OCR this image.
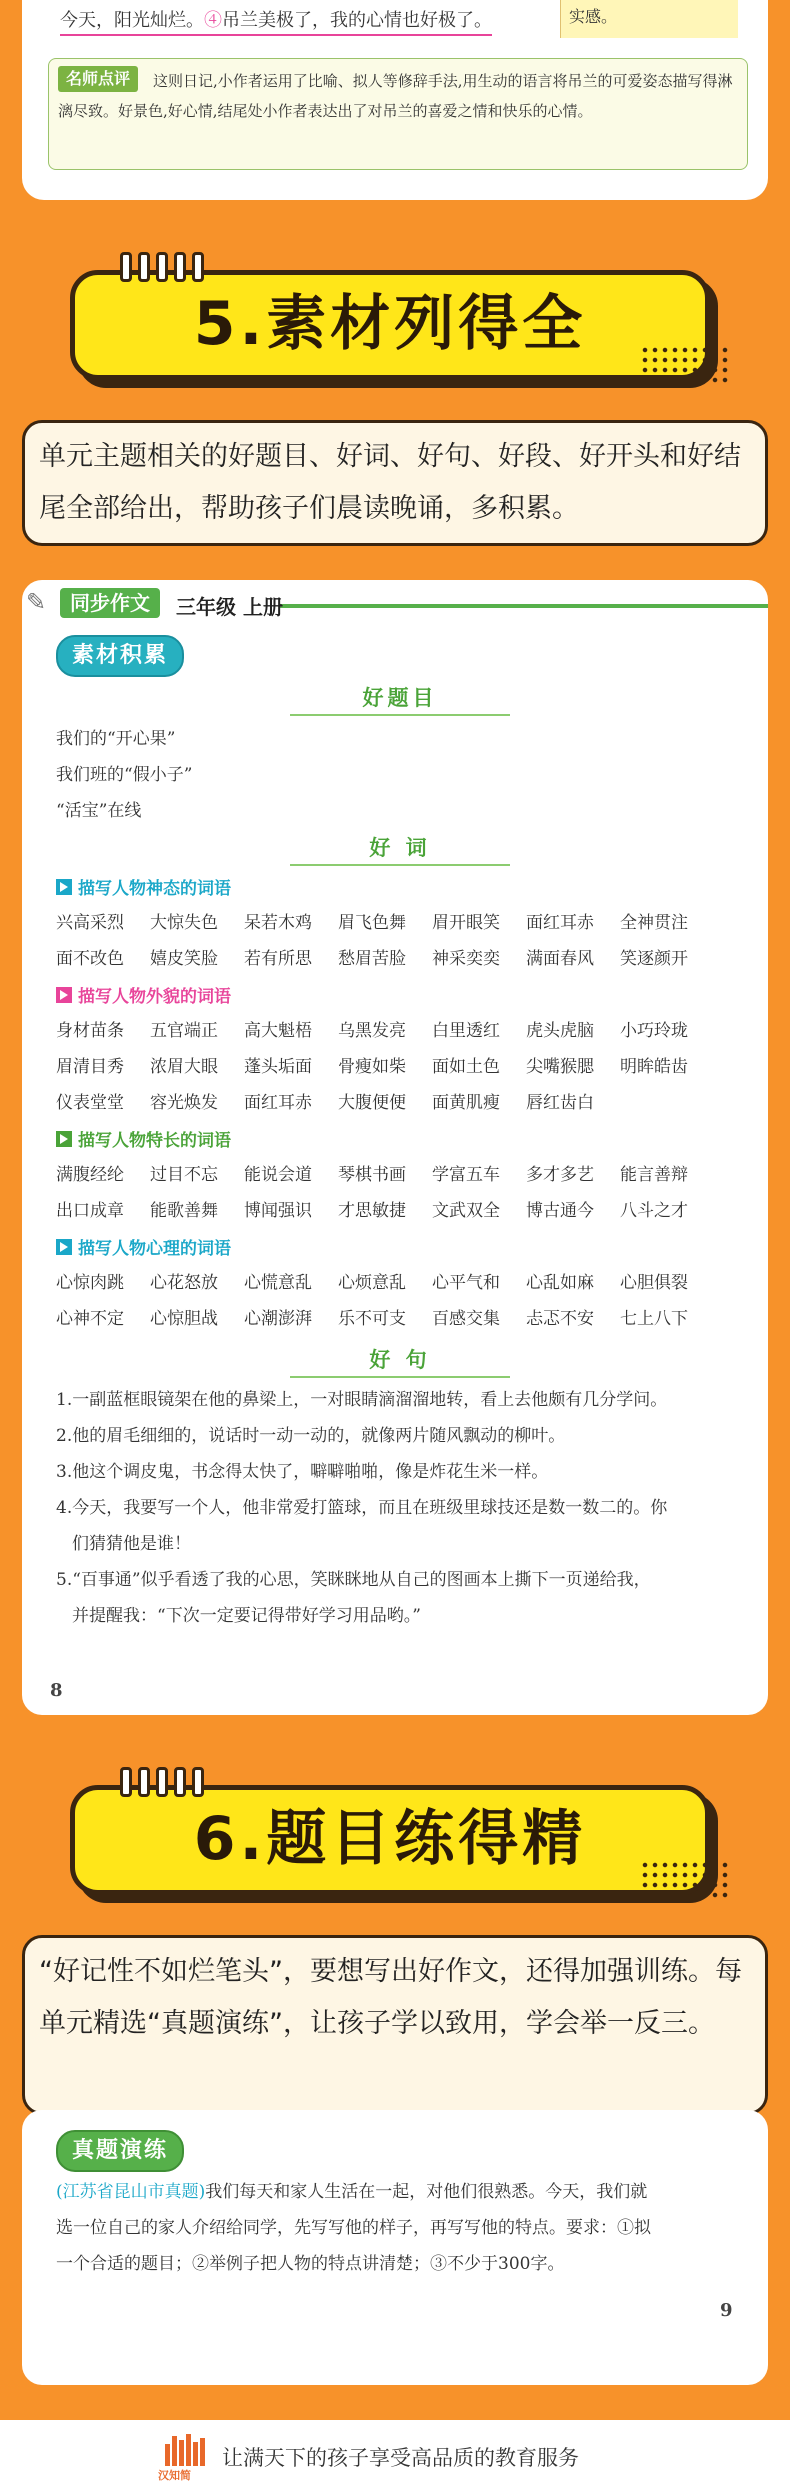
今天，阳光灿烂。④吊兰美极了，我的心情也好极了。	实感。
这则日记,小作者运用了比喻、拟人等修辞手法,用生动的语言将吊兰的可爱姿态描写得淋漓尽致。好景色,好心情,结尾处小作者表达出了对吊兰的喜爱之情和快乐的心情。
名师点评
5.素材列得全
单元主题相关的好题目、好词、好句、好段、好开头和好结尾全部给出，帮助孩子们晨读晚诵，多积累。
✎	同步作文	三年级 上册
素材积累
好题目
我们的“开心果”
我们班的“假小子”
“活宝”在线
好 词
描写人物神态的词语
兴高采烈	大惊失色	呆若木鸡	眉飞色舞	眉开眼笑	面红耳赤	全神贯注
面不改色	嬉皮笑脸	若有所思	愁眉苦脸	神采奕奕	满面春风	笑逐颜开
描写人物外貌的词语
身材苗条	五官端正	高大魁梧	乌黑发亮	白里透红	虎头虎脑	小巧玲珑
眉清目秀	浓眉大眼	蓬头垢面	骨瘦如柴	面如土色	尖嘴猴腮	明眸皓齿
仪表堂堂	容光焕发	面红耳赤	大腹便便	面黄肌瘦	唇红齿白
描写人物特长的词语
满腹经纶	过目不忘	能说会道	琴棋书画	学富五车	多才多艺	能言善辩
出口成章	能歌善舞	博闻强识	才思敏捷	文武双全	博古通今	八斗之才
描写人物心理的词语
心惊肉跳	心花怒放	心慌意乱	心烦意乱	心平气和	心乱如麻	心胆俱裂
心神不定	心惊胆战	心潮澎湃	乐不可支	百感交集	忐忑不安	七上八下
好 句
1.一副蓝框眼镜架在他的鼻梁上，一对眼睛滴溜溜地转，看上去他颇有几分学问。
2.他的眉毛细细的，说话时一动一动的，就像两片随风飘动的柳叶。
3.他这个调皮鬼，书念得太快了，噼噼啪啪，像是炸花生米一样。
4.今天，我要写一个人，他非常爱打篮球，而且在班级里球技还是数一数二的。你
们猜猜他是谁！
5.“百事通”似乎看透了我的心思，笑眯眯地从自己的图画本上撕下一页递给我，
并提醒我：“下次一定要记得带好学习用品哟。”
8
6.题目练得精
“好记性不如烂笔头”，要想写出好作文，还得加强训练。每单元精选“真题演练”，让孩子学以致用，学会举一反三。
真题演练
(江苏省昆山市真题)我们每天和家人生活在一起，对他们很熟悉。今天，我们就
选一位自己的家人介绍给同学，先写写他的样子，再写写他的特点。要求：①拟
一个合适的题目；②举例子把人物的特点讲清楚；③不少于300字。
9
汉知简
让满天下的孩子享受高品质的教育服务
